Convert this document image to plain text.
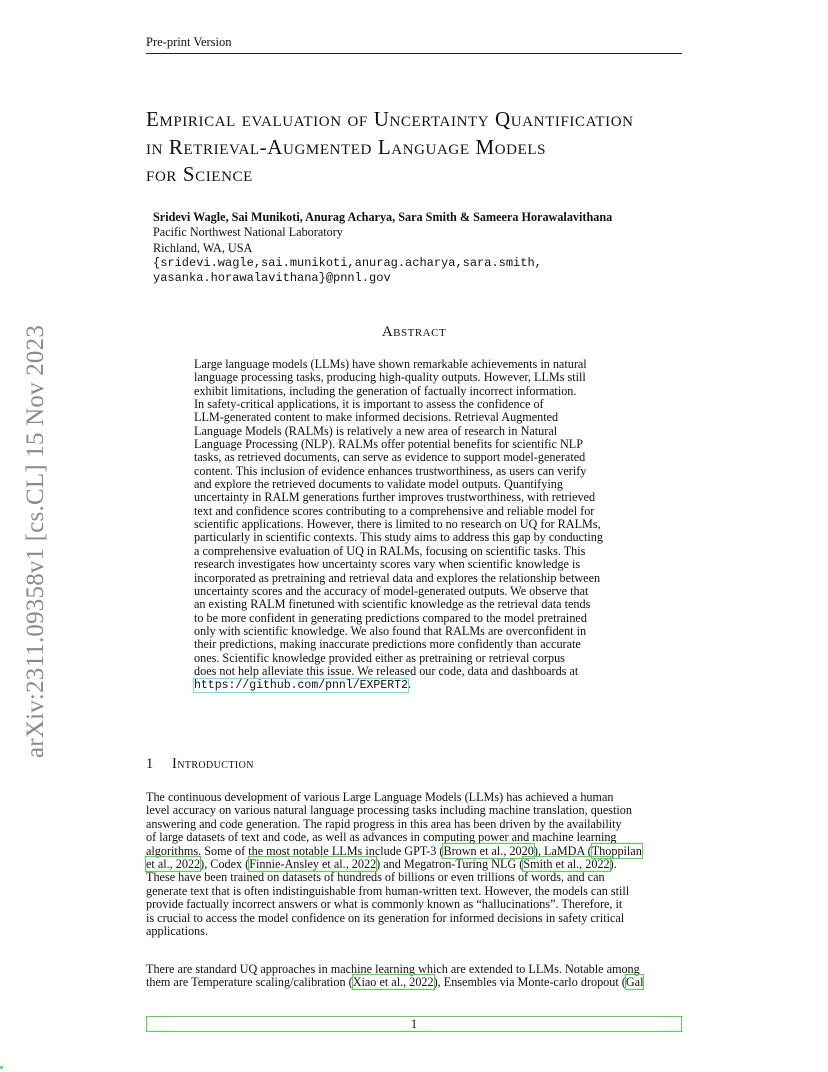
Pre-print Version
arXiv:2311.09358v1 [cs.CL] 15 Nov 2023
Empirical evaluation of Uncertainty Quantification
in Retrieval-Augmented Language Models
for Science
Sridevi Wagle, Sai Munikoti, Anurag Acharya, Sara Smith & Sameera Horawalavithana
Pacific Northwest National Laboratory
Richland, WA, USA
{sridevi.wagle,sai.munikoti,anurag.acharya,sara.smith,
yasanka.horawalavithana}@pnnl.gov
Abstract
Large language models (LLMs) have shown remarkable achievements in natural
language processing tasks, producing high-quality outputs. However, LLMs still
exhibit limitations, including the generation of factually incorrect information.
In safety-critical applications, it is important to assess the confidence of
LLM-generated content to make informed decisions. Retrieval Augmented
Language Models (RALMs) is relatively a new area of research in Natural
Language Processing (NLP). RALMs offer potential benefits for scientific NLP
tasks, as retrieved documents, can serve as evidence to support model-generated
content. This inclusion of evidence enhances trustworthiness, as users can verify
and explore the retrieved documents to validate model outputs. Quantifying
uncertainty in RALM generations further improves trustworthiness, with retrieved
text and confidence scores contributing to a comprehensive and reliable model for
scientific applications. However, there is limited to no research on UQ for RALMs,
particularly in scientific contexts. This study aims to address this gap by conducting
a comprehensive evaluation of UQ in RALMs, focusing on scientific tasks. This
research investigates how uncertainty scores vary when scientific knowledge is
incorporated as pretraining and retrieval data and explores the relationship between
uncertainty scores and the accuracy of model-generated outputs. We observe that
an existing RALM finetuned with scientific knowledge as the retrieval data tends
to be more confident in generating predictions compared to the model pretrained
only with scientific knowledge. We also found that RALMs are overconfident in
their predictions, making inaccurate predictions more confidently than accurate
ones. Scientific knowledge provided either as pretraining or retrieval corpus
does not help alleviate this issue. We released our code, data and dashboards at
https://github.com/pnnl/EXPERT2.
1 Introduction
The continuous development of various Large Language Models (LLMs) has achieved a human
level accuracy on various natural language processing tasks including machine translation, question
answering and code generation. The rapid progress in this area has been driven by the availability
of large datasets of text and code, as well as advances in computing power and machine learning
algorithms. Some of the most notable LLMs include GPT-3 (Brown et al., 2020), LaMDA (Thoppilan
et al., 2022), Codex (Finnie-Ansley et al., 2022) and Megatron-Turing NLG (Smith et al., 2022).
These have been trained on datasets of hundreds of billions or even trillions of words, and can
generate text that is often indistinguishable from human-written text. However, the models can still
provide factually incorrect answers or what is commonly known as “hallucinations”. Therefore, it
is crucial to access the model confidence on its generation for informed decisions in safety critical
applications.
There are standard UQ approaches in machine learning which are extended to LLMs. Notable among
them are Temperature scaling/calibration (Xiao et al., 2022), Ensembles via Monte-carlo dropout (Gal
1
